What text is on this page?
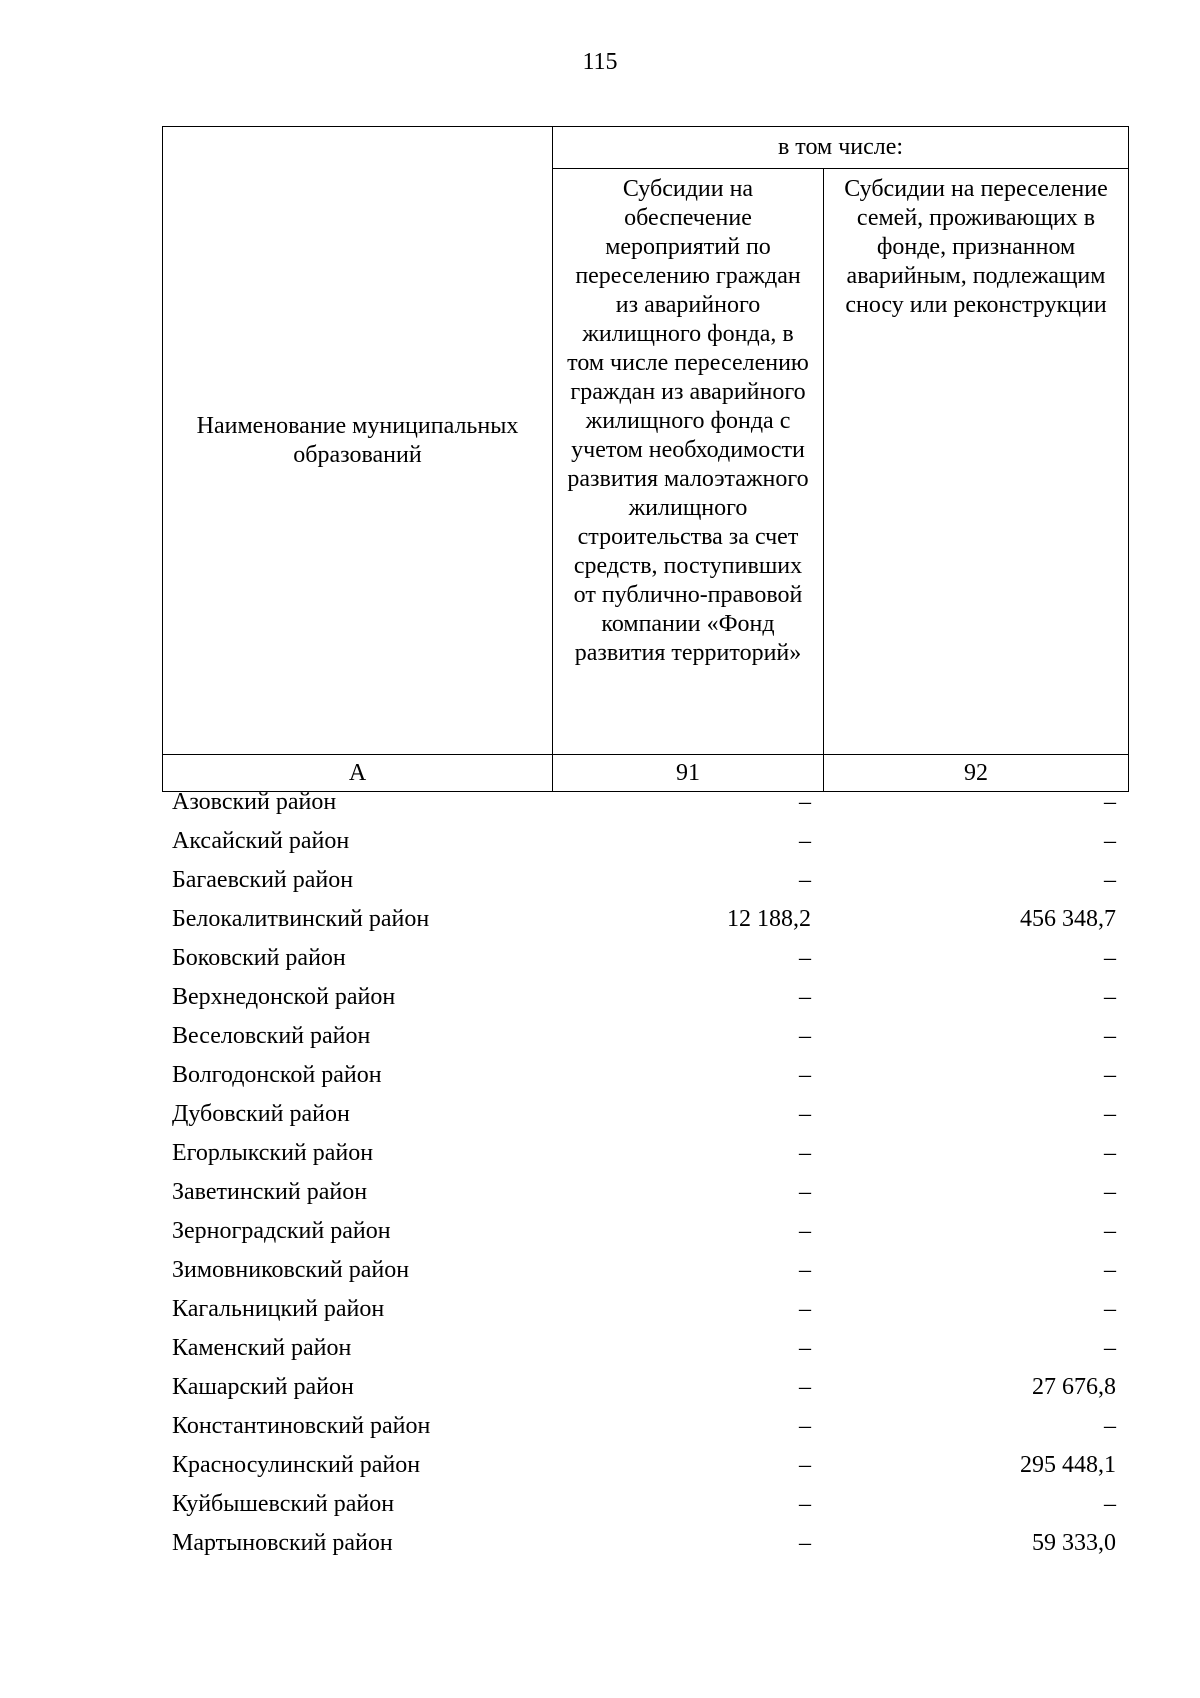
115
Наименование муниципальных образований	в том числе:	
	Субсидии на обеспечение мероприятий по переселению граждан из аварийного жилищного фонда, в том числе переселению граждан из аварийного жилищного фонда с учетом необходимости развития малоэтажного жилищного строительства за счет средств, поступивших от публично-правовой компании «Фонд развития территорий»	Субсидии на переселение семей, проживающих в фонде, признанном аварийным, подлежащим сносу или реконструкции
А	91	92
Азовский район	–	–
Аксайский район	–	–
Багаевский район	–	–
Белокалитвинский район	12 188,2	456 348,7
Боковский район	–	–
Верхнедонской район	–	–
Веселовский район	–	–
Волгодонской район	–	–
Дубовский район	–	–
Егорлыкский район	–	–
Заветинский район	–	–
Зерноградский район	–	–
Зимовниковский район	–	–
Кагальницкий район	–	–
Каменский район	–	–
Кашарский район	–	27 676,8
Константиновский район	–	–
Красносулинский район	–	295 448,1
Куйбышевский район	–	–
Мартыновский район	–	59 333,0
